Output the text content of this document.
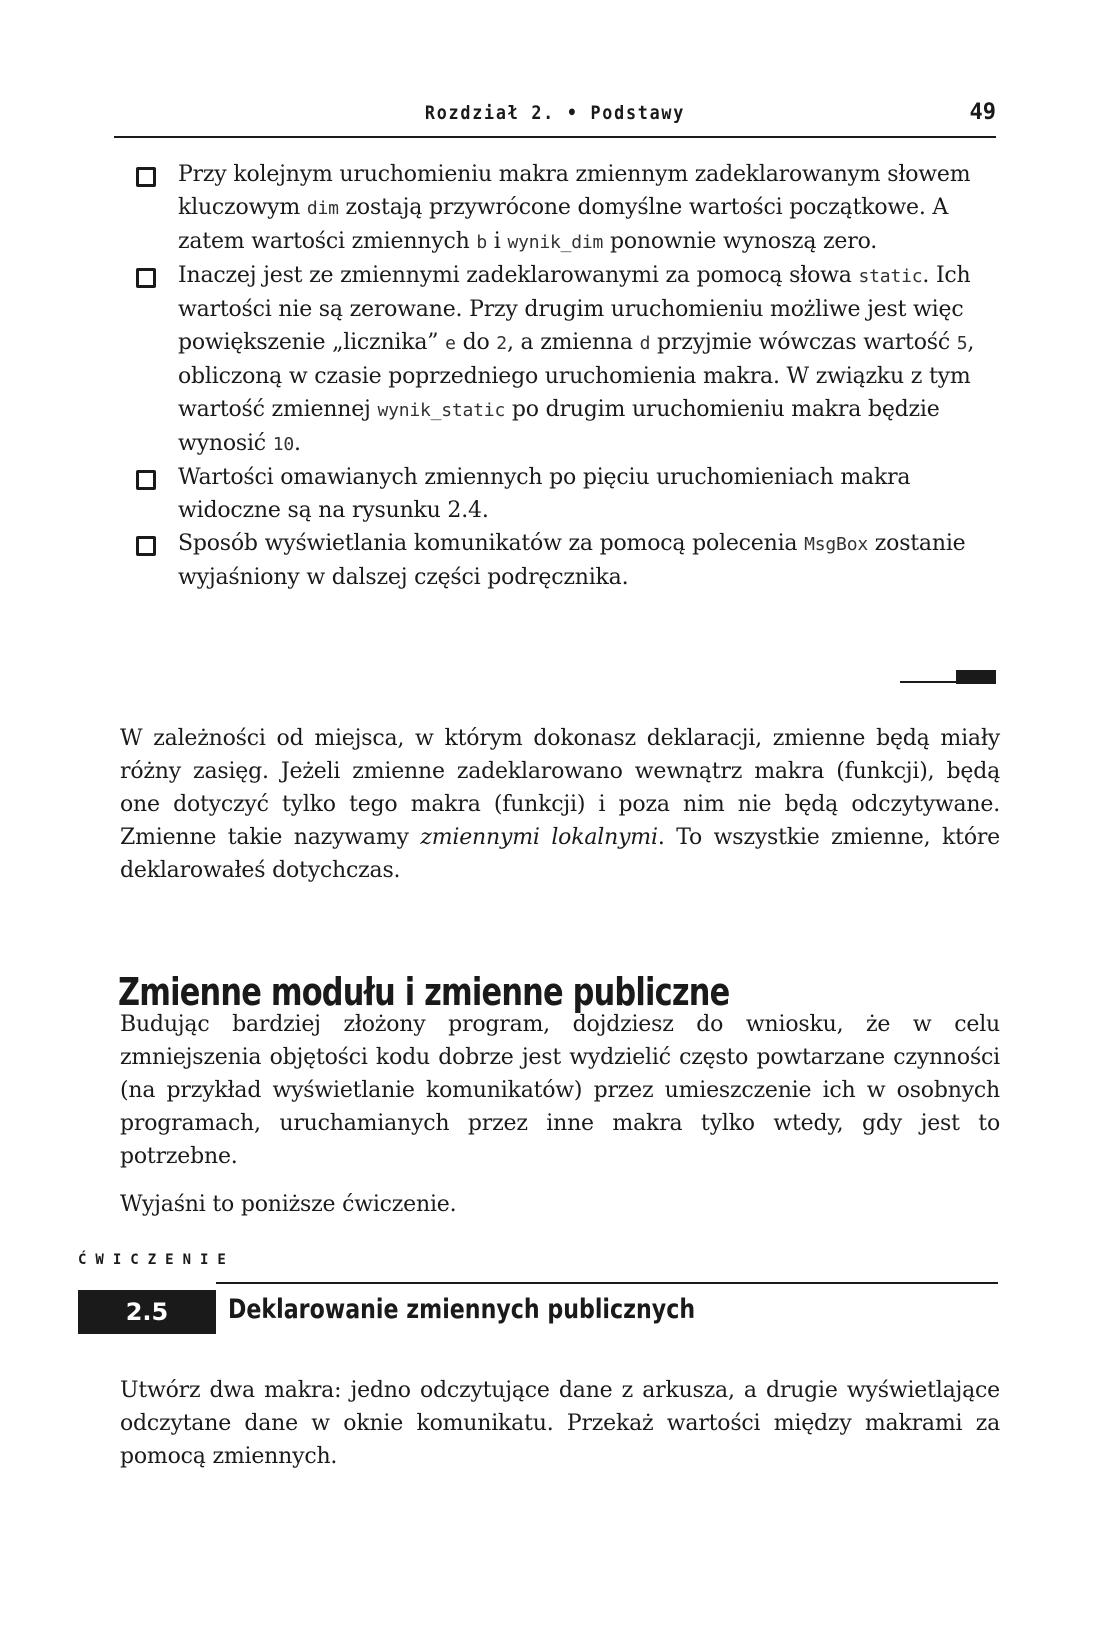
Rozdział 2. • Podstawy	49
Przy kolejnym uruchomieniu makra zmiennym zadeklarowanym słowem kluczowym dim zostają przywrócone domyślne wartości początkowe. A zatem wartości zmiennych b i wynik_dim ponownie wynoszą zero.
Inaczej jest ze zmiennymi zadeklarowanymi za pomocą słowa static. Ich wartości nie są zerowane. Przy drugim uruchomieniu możliwe jest więc powiększenie „licznika” e do 2, a zmienna d przyjmie wówczas wartość 5, obliczoną w czasie poprzedniego uruchomienia makra. W związku z tym wartość zmiennej wynik_static po drugim uruchomieniu makra będzie wynosić 10.
Wartości omawianych zmiennych po pięciu uruchomieniach makra widoczne są na rysunku 2.4.
Sposób wyświetlania komunikatów za pomocą polecenia MsgBox zostanie wyjaśniony w dalszej części podręcznika.

W zależności od miejsca, w którym dokonasz deklaracji, zmienne będą miały różny zasięg. Jeżeli zmienne zadeklarowano wewnątrz makra (funkcji), będą one dotyczyć tylko tego makra (funkcji) i poza nim nie będą odczytywane. Zmienne takie nazywamy zmiennymi lokalnymi. To wszystkie zmienne, które deklarowałeś dotychczas.

Zmienne modułu i zmienne publiczne

Budując bardziej złożony program, dojdziesz do wniosku, że w celu zmniejszenia objętości kodu dobrze jest wydzielić często powtarzane czynności (na przykład wyświetlanie komunikatów) przez umieszczenie ich w osobnych programach, uruchamianych przez inne makra tylko wtedy, gdy jest to potrzebne.

Wyjaśni to poniższe ćwiczenie.

ĆWICZENIE
2.5	Deklarowanie zmiennych publicznych

Utwórz dwa makra: jedno odczytujące dane z arkusza, a drugie wyświetlające odczytane dane w oknie komunikatu. Przekaż wartości między makrami za pomocą zmiennych.
